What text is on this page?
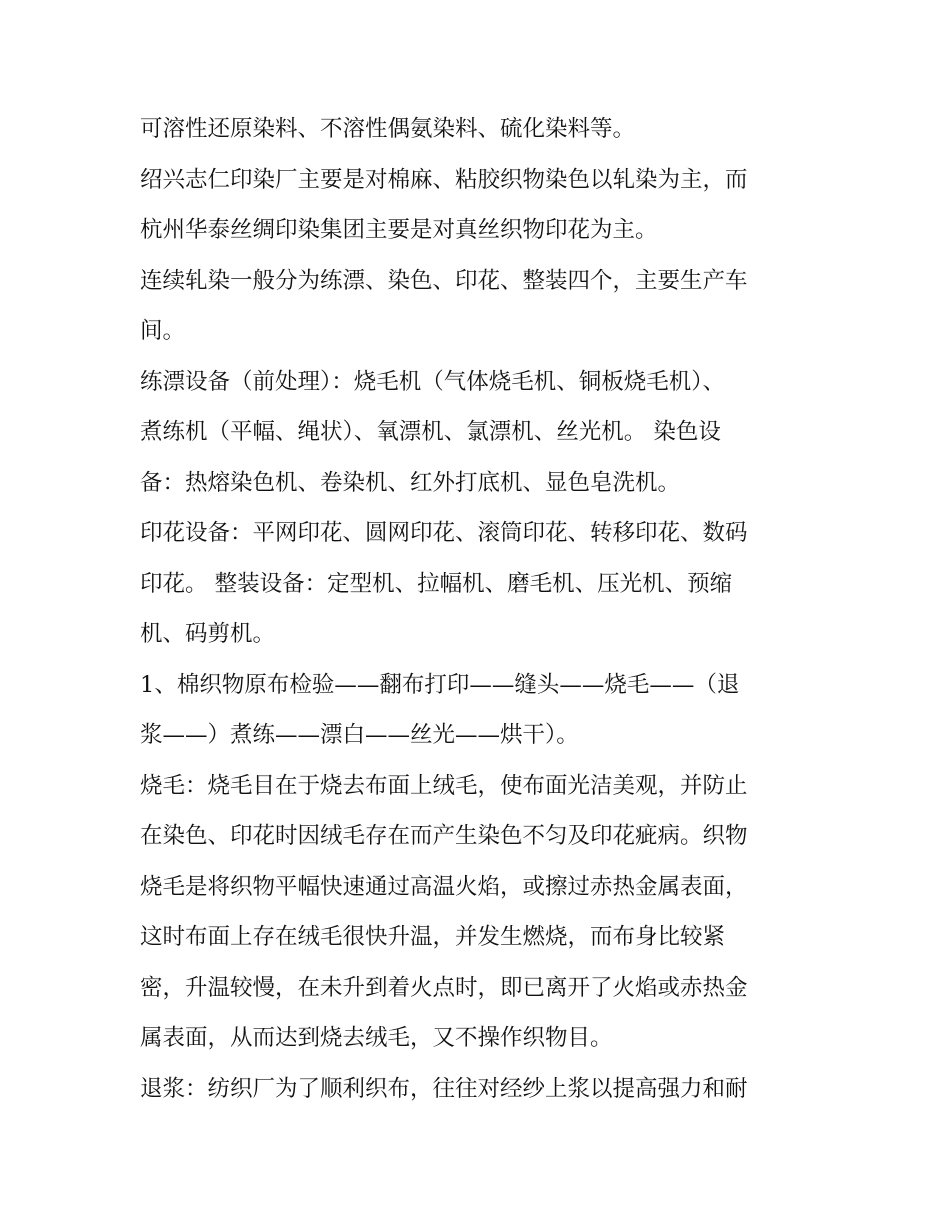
可溶性还原染料、不溶性偶氨染料、硫化染料等。

绍兴志仁印染厂主要是对棉麻、粘胶织物染色以轧染为主，而
杭州华泰丝绸印染集团主要是对真丝织物印花为主。

连续轧染一般分为练漂、染色、印花、整装四个，主要生产车
间。

练漂设备（前处理）：烧毛机（气体烧毛机、铜板烧毛机）、
煮练机（平幅、绳状）、氧漂机、氯漂机、丝光机。 染色设
备：热熔染色机、卷染机、红外打底机、显色皂洗机。

印花设备：平网印花、圆网印花、滚筒印花、转移印花、数码
印花。 整装设备：定型机、拉幅机、磨毛机、压光机、预缩
机、码剪机。

1、棉织物原布检验——翻布打印——缝头——烧毛——（退
浆——）煮练——漂白——丝光——烘干）。

烧毛：烧毛目在于烧去布面上绒毛，使布面光洁美观，并防止
在染色、印花时因绒毛存在而产生染色不匀及印花疵病。织物
烧毛是将织物平幅快速通过高温火焰，或擦过赤热金属表面，
这时布面上存在绒毛很快升温，并发生燃烧，而布身比较紧
密，升温较慢，在未升到着火点时，即已离开了火焰或赤热金
属表面，从而达到烧去绒毛，又不操作织物目。

退浆：纺织厂为了顺利织布，往往对经纱上浆以提高强力和耐
